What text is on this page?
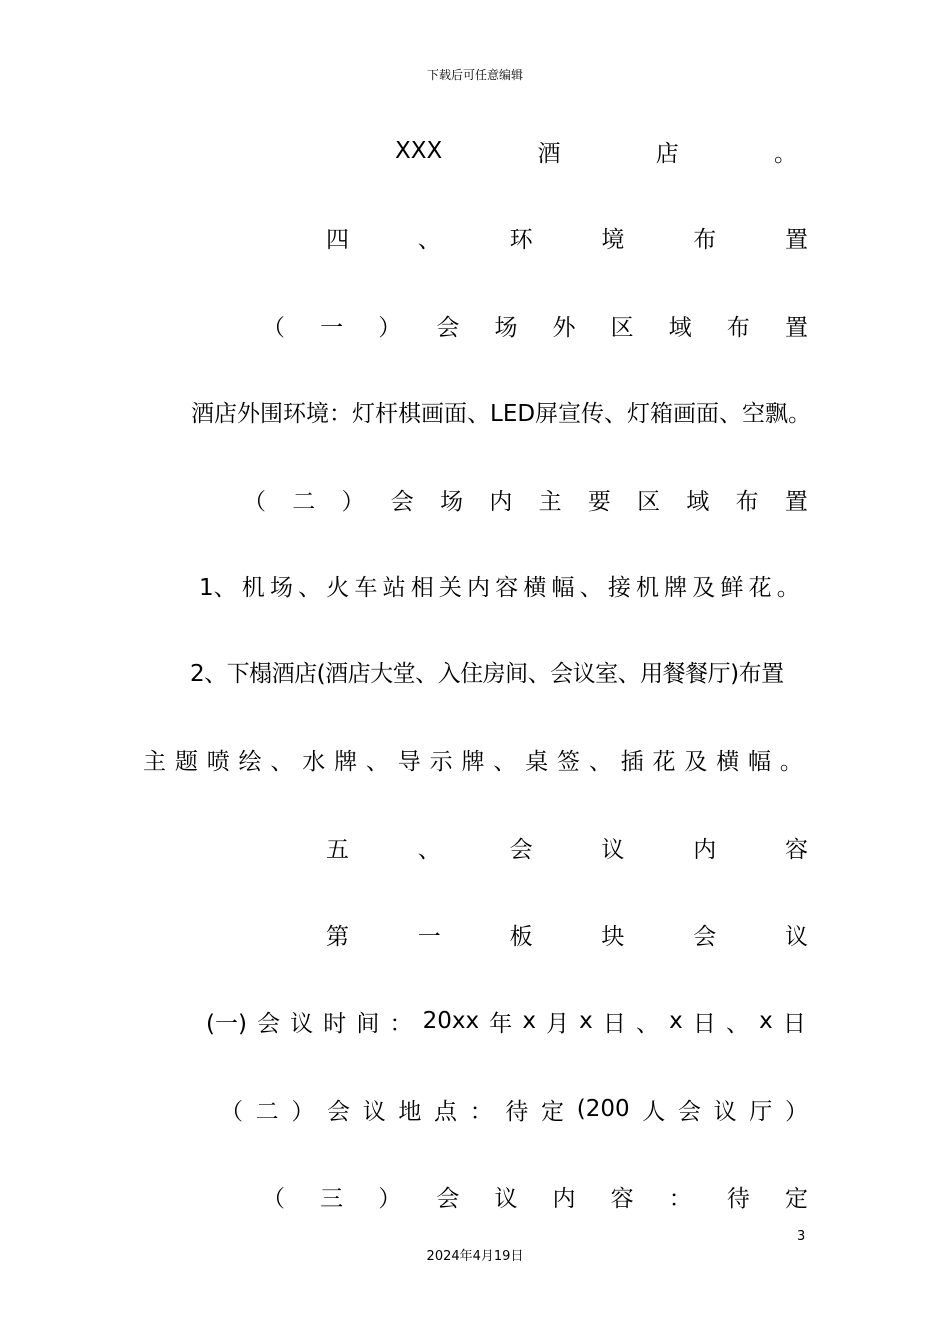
下载后可任意编辑
XXX	酒	店	。
四	、	环	境	布	置
（ 一 ） 会 场 外 区 域 布 置
酒店外围环境：灯杆棋画面、LED屏宣传、灯箱画面、空飘。
（ 二 ） 会 场 内 主 要 区 域 布 置
1、 机 场 、 火 车 站 相 关 内 容 横 幅 、 接 机 牌 及 鲜 花 。
2、下榻酒店(酒店大堂、入住房间、会议室、用餐餐厅)布置
主 题 喷 绘 、 水 牌 、 导 示 牌 、 桌 签 、 插 花 及 横 幅 。
五	、	会	议	内	容
第	一	板	块	会	议
(一) 会 议 时 间 ： 20xx 年 x 月 x 日 、 x 日 、 x 日
（ 二 ） 会 议 地 点 ： 待 定 (200 人 会 议 厅 ）
（ 三 ） 会 议 内 容 ： 待 定
3
2024年4月19日
